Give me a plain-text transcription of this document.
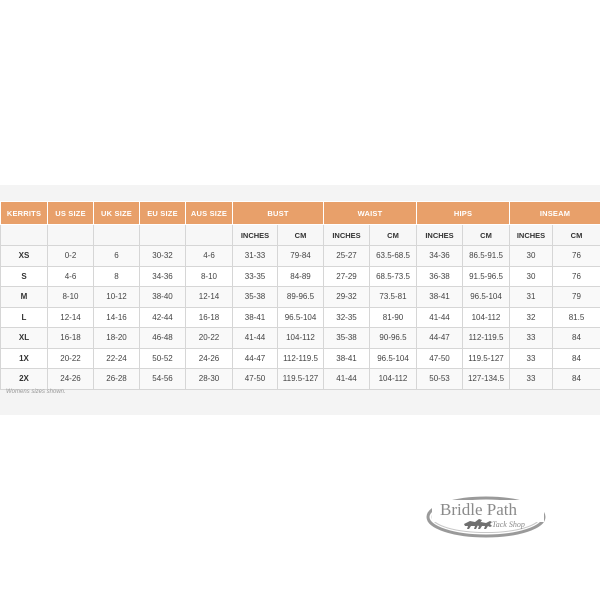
KERRITS	US SIZE	UK SIZE	EU SIZE	AUS SIZE	BUST		WAIST		HIPS		INSEAM	
					INCHES	CM	INCHES	CM	INCHES	CM	INCHES	CM
XS	0-2	6	30-32	4-6	31-33	79-84	25-27	63.5-68.5	34-36	86.5-91.5	30	76
S	4-6	8	34-36	8-10	33-35	84-89	27-29	68.5-73.5	36-38	91.5-96.5	30	76
M	8-10	10-12	38-40	12-14	35-38	89-96.5	29-32	73.5-81	38-41	96.5-104	31	79
L	12-14	14-16	42-44	16-18	38-41	96.5-104	32-35	81-90	41-44	104-112	32	81.5
XL	16-18	18-20	46-48	20-22	41-44	104-112	35-38	90-96.5	44-47	112-119.5	33	84
1X	20-22	22-24	50-52	24-26	44-47	112-119.5	38-41	96.5-104	47-50	119.5-127	33	84
2X	24-26	26-28	54-56	28-30	47-50	119.5-127	41-44	104-112	50-53	127-134.5	33	84
Womens sizes shown.
Bridle Path
Tack Shop
